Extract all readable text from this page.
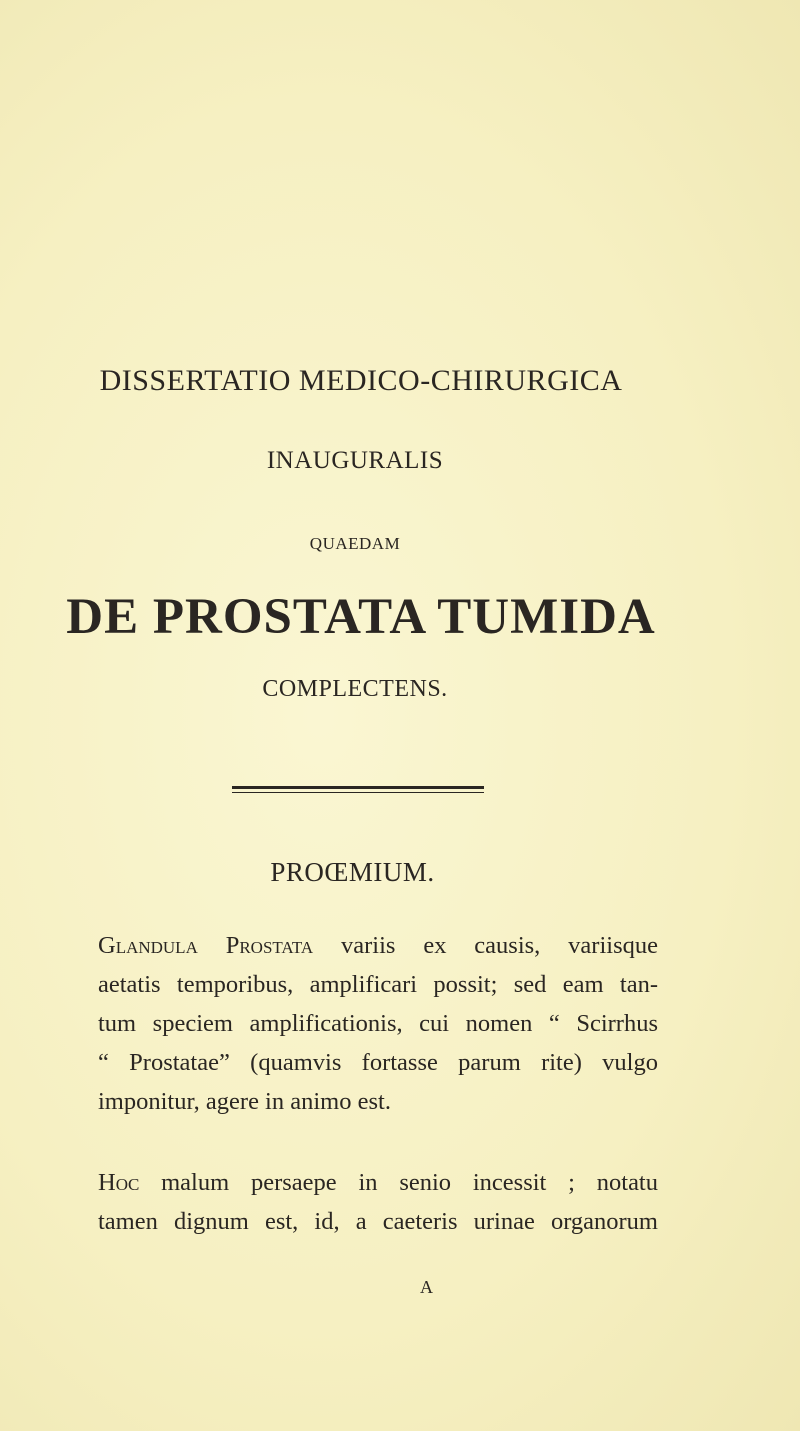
DISSERTATIO MEDICO-CHIRURGICA
INAUGURALIS
QUAEDAM
DE PROSTATA TUMIDA
COMPLECTENS.
PROŒMIUM.
Glandula Prostata variis ex causis, variisque
aetatis temporibus, amplificari possit; sed eam tan-
tum speciem amplificationis, cui nomen “ Scirrhus
“ Prostatae” (quamvis fortasse parum rite) vulgo
imponitur, agere in animo est.
Hoc malum persaepe in senio incessit ; notatu
tamen dignum est, id, a caeteris urinae organorum
A
